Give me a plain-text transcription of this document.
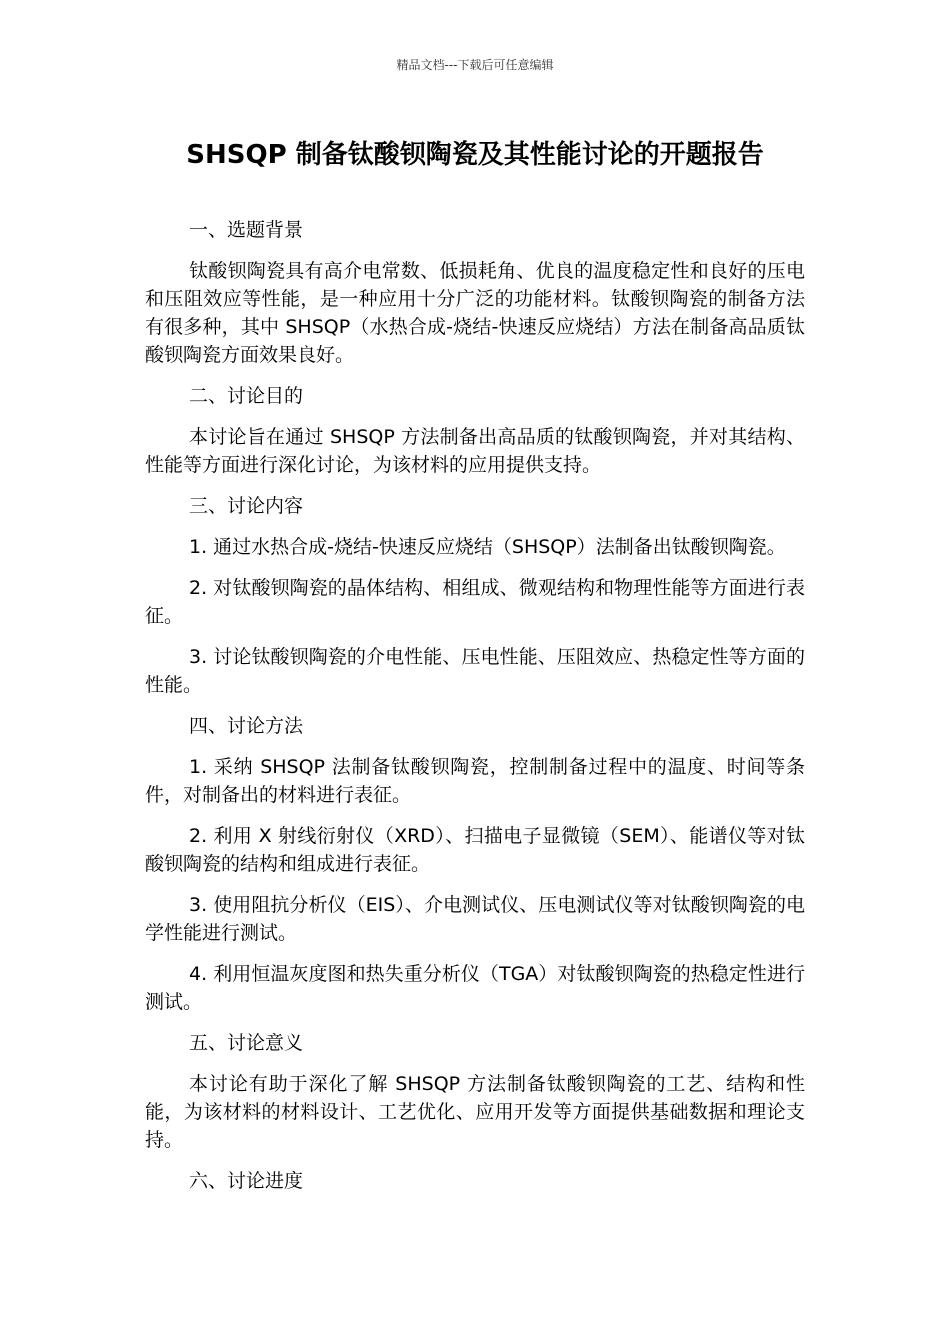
精品文档---下载后可任意编辑
SHSQP 制备钛酸钡陶瓷及其性能讨论的开题报告
一、选题背景
钛酸钡陶瓷具有高介电常数、低损耗角、优良的温度稳定性和良好的压电和压阻效应等性能，是一种应用十分广泛的功能材料。钛酸钡陶瓷的制备方法有很多种，其中 SHSQP（水热合成-烧结-快速反应烧结）方法在制备高品质钛酸钡陶瓷方面效果良好。
二、讨论目的
本讨论旨在通过 SHSQP 方法制备出高品质的钛酸钡陶瓷，并对其结构、性能等方面进行深化讨论，为该材料的应用提供支持。
三、讨论内容
1. 通过水热合成-烧结-快速反应烧结（SHSQP）法制备出钛酸钡陶瓷。
2. 对钛酸钡陶瓷的晶体结构、相组成、微观结构和物理性能等方面进行表征。
3. 讨论钛酸钡陶瓷的介电性能、压电性能、压阻效应、热稳定性等方面的性能。
四、讨论方法
1. 采纳 SHSQP 法制备钛酸钡陶瓷，控制制备过程中的温度、时间等条件，对制备出的材料进行表征。
2. 利用 X 射线衍射仪（XRD）、扫描电子显微镜（SEM）、能谱仪等对钛酸钡陶瓷的结构和组成进行表征。
3. 使用阻抗分析仪（EIS）、介电测试仪、压电测试仪等对钛酸钡陶瓷的电学性能进行测试。
4. 利用恒温灰度图和热失重分析仪（TGA）对钛酸钡陶瓷的热稳定性进行测试。
五、讨论意义
本讨论有助于深化了解 SHSQP 方法制备钛酸钡陶瓷的工艺、结构和性能，为该材料的材料设计、工艺优化、应用开发等方面提供基础数据和理论支持。
六、讨论进度
